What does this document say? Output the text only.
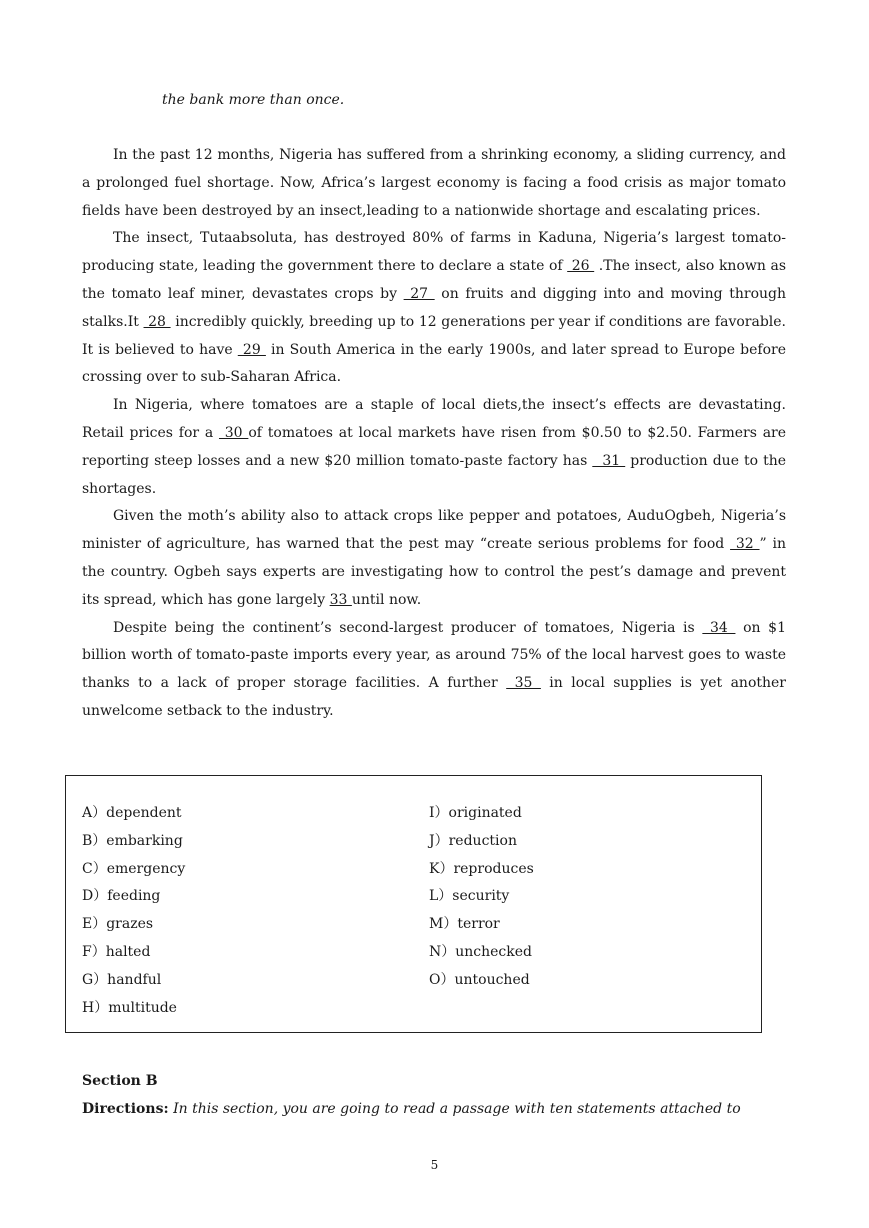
the bank more than once.

In the past 12 months, Nigeria has suffered from a shrinking economy, a sliding currency, and a prolonged fuel shortage. Now, Africa’s largest economy is facing a food crisis as major tomato fields have been destroyed by an insect,leading to a nationwide shortage and escalating prices.

The insect, Tutaabsoluta, has destroyed 80% of farms in Kaduna, Nigeria’s largest tomato-producing state, leading the government there to declare a state of  26  .The insect, also known as the tomato leaf miner, devastates crops by  27  on fruits and digging into and moving through stalks.It  28  incredibly quickly, breeding up to 12 generations per year if conditions are favorable. It is believed to have  29  in South America in the early 1900s, and later spread to Europe before crossing over to sub-Saharan Africa.

In Nigeria, where tomatoes are a staple of local diets,the insect’s effects are devastating. Retail prices for a  30 of tomatoes at local markets have risen from $0.50 to $2.50. Farmers are reporting steep losses and a new $20 million tomato-paste factory has   31  production due to the shortages.

Given the moth’s ability also to attack crops like pepper and potatoes, AuduOgbeh, Nigeria’s minister of agriculture, has warned that the pest may “create serious problems for food  32 ” in the country. Ogbeh says experts are investigating how to control the pest’s damage and prevent its spread, which has gone largely 33 until now.

Despite being the continent’s second-largest producer of tomatoes, Nigeria is  34  on $1 billion worth of tomato-paste imports every year, as around 75% of the local harvest goes to waste thanks to a lack of proper storage facilities. A further  35  in local supplies is yet another unwelcome setback to the industry.

A）dependent
B）embarking
C）emergency
D）feeding
E）grazes
F）halted
G）handful
H）multitude
I）originated
J）reduction
K）reproduces
L）security
M）terror
N）unchecked
O）untouched
Section B
Directions: In this section, you are going to read a passage with ten statements attached to
5
